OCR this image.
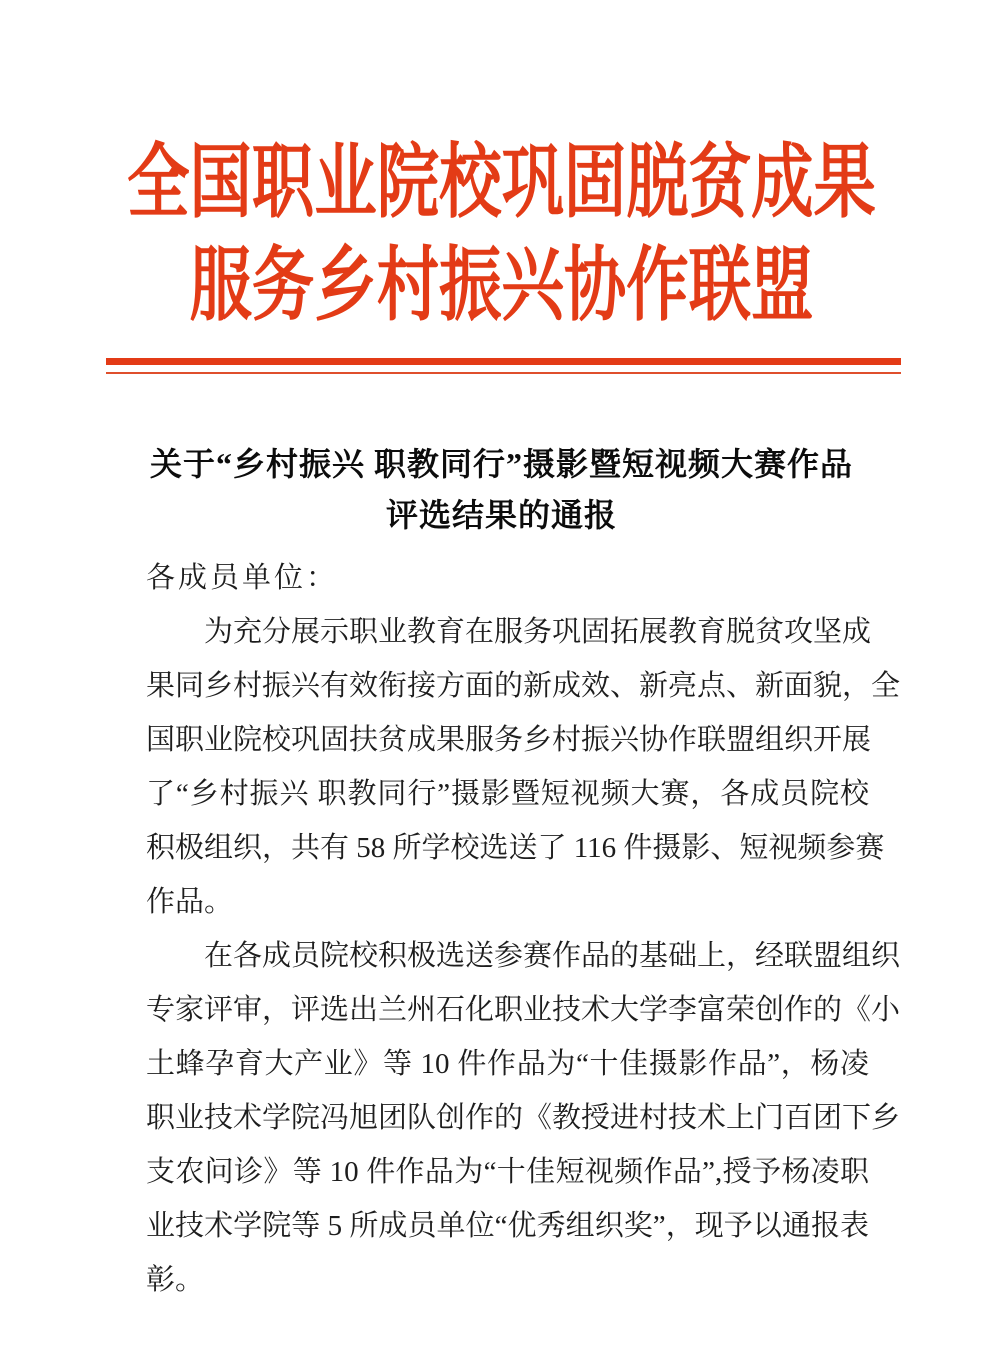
全国职业院校巩固脱贫成果
服务乡村振兴协作联盟
关于“乡村振兴 职教同行”摄影暨短视频大赛作品
评选结果的通报
各成员单位：
为充分展示职业教育在服务巩固拓展教育脱贫攻坚成
果同乡村振兴有效衔接方面的新成效、新亮点、新面貌，全
国职业院校巩固扶贫成果服务乡村振兴协作联盟组织开展
了“乡村振兴 职教同行”摄影暨短视频大赛，各成员院校
积极组织，共有 58 所学校选送了 116 件摄影、短视频参赛
作品。
在各成员院校积极选送参赛作品的基础上，经联盟组织
专家评审，评选出兰州石化职业技术大学李富荣创作的《小
土蜂孕育大产业》等 10 件作品为“十佳摄影作品”，杨凌
职业技术学院冯旭团队创作的《教授进村技术上门百团下乡
支农问诊》等 10 件作品为“十佳短视频作品”,授予杨凌职
业技术学院等 5 所成员单位“优秀组织奖”，现予以通报表
彰。
